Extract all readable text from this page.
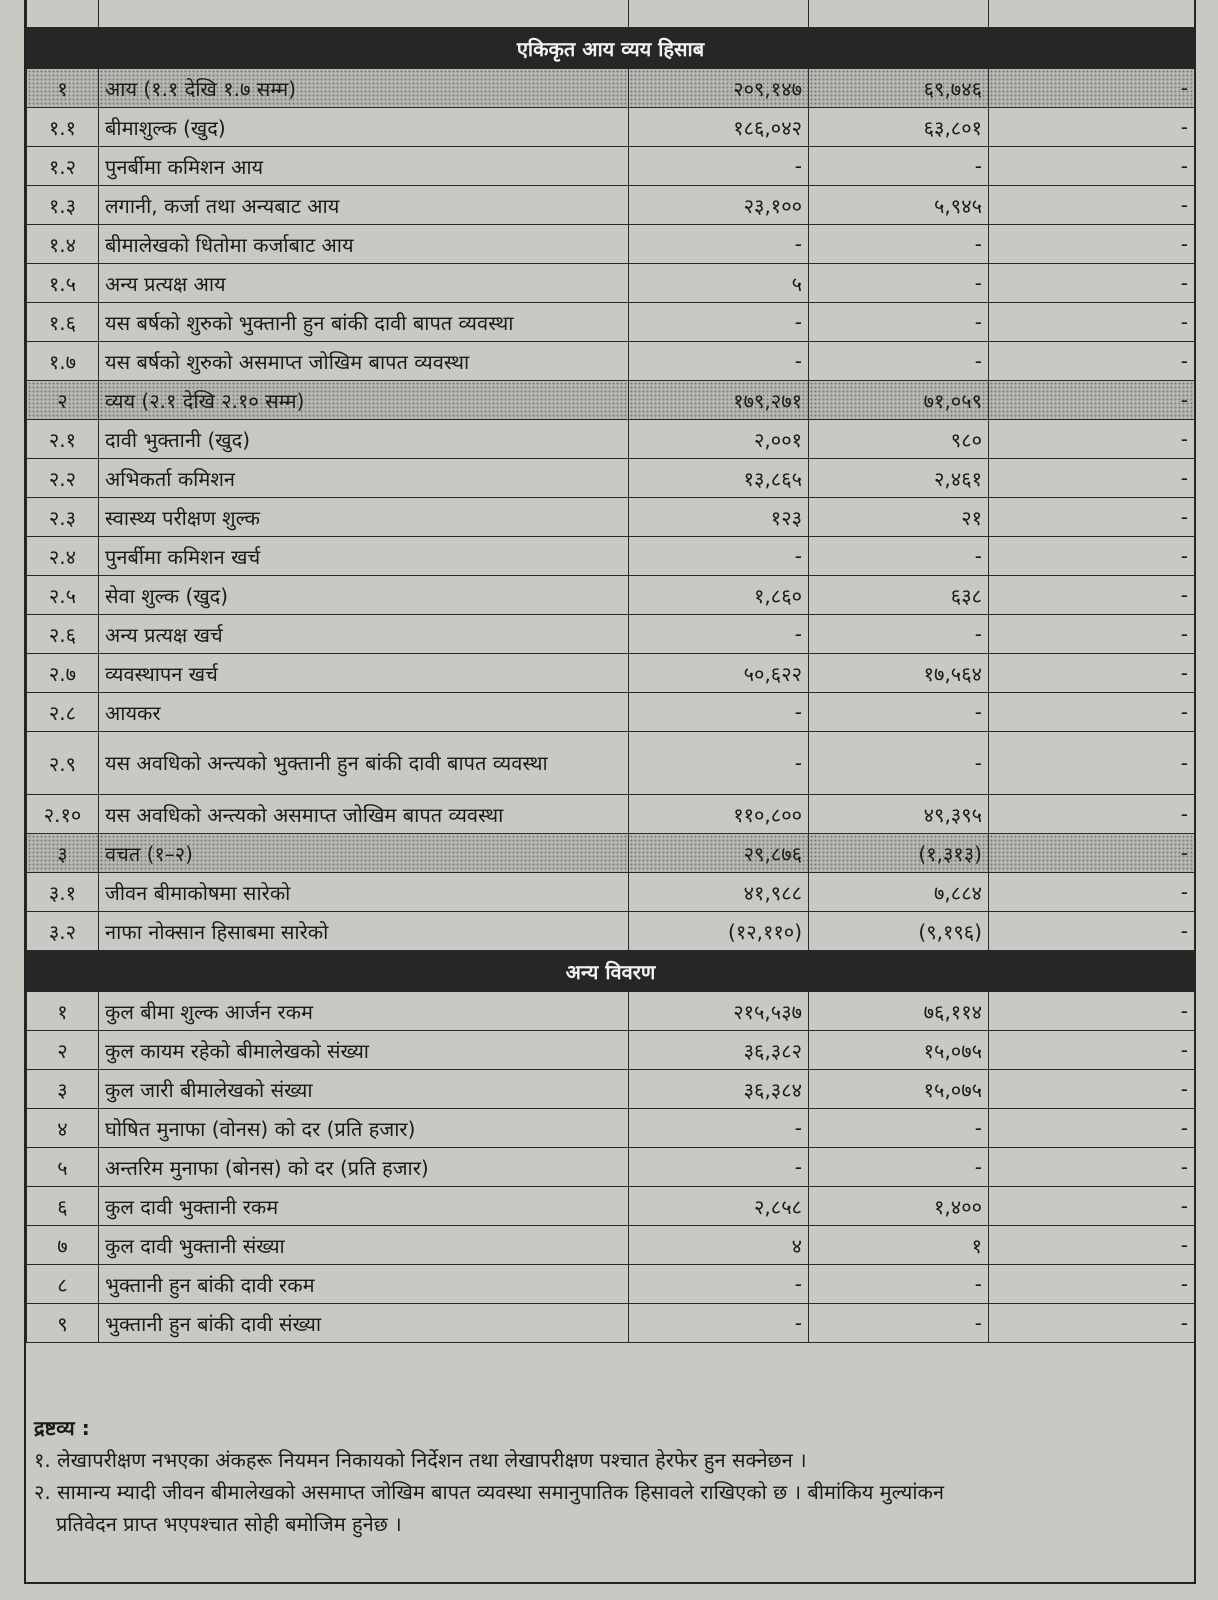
एकिकृत आय व्यय हिसाब				
१	आय (१.१ देखि १.७ सम्म)	२०९,१४७	६९,७४६	-
१.१	बीमाशुल्क (खुद)	१८६,०४२	६३,८०१	-
१.२	पुनर्बीमा कमिशन आय	-	-	-
१.३	लगानी, कर्जा तथा अन्यबाट आय	२३,१००	५,९४५	-
१.४	बीमालेखको धितोमा कर्जाबाट आय	-	-	-
१.५	अन्य प्रत्यक्ष आय	५	-	-
१.६	यस बर्षको शुरुको भुक्तानी हुन बांकी दावी बापत व्यवस्था	-	-	-
१.७	यस बर्षको शुरुको असमाप्त जोखिम बापत व्यवस्था	-	-	-
२	व्यय (२.१ देखि २.१० सम्म)	१७९,२७१	७१,०५९	-
२.१	दावी भुक्तानी (खुद)	२,००१	९८०	-
२.२	अभिकर्ता कमिशन	१३,८६५	२,४६१	-
२.३	स्वास्थ्य परीक्षण शुल्क	१२३	२१	-
२.४	पुनर्बीमा कमिशन खर्च	-	-	-
२.५	सेवा शुल्क (खुद)	१,८६०	६३८	-
२.६	अन्य प्रत्यक्ष खर्च	-	-	-
२.७	व्यवस्थापन खर्च	५०,६२२	१७,५६४	-
२.८	आयकर	-	-	-
२.९	यस अवधिको अन्त्यको भुक्तानी हुन बांकी दावी बापत व्यवस्था	-	-	-
२.१०	यस अवधिको अन्त्यको असमाप्त जोखिम बापत व्यवस्था	११०,८००	४९,३९५	-
३	वचत (१–२)	२९,८७६	(१,३१३)	-
३.१	जीवन बीमाकोषमा सारेको	४१,९८८	७,८८४	-
३.२	नाफा नोक्सान हिसाबमा सारेको	(१२,११०)	(९,१९६)	-
अन्य विवरण				
१	कुल बीमा शुल्क आर्जन रकम	२१५,५३७	७६,११४	-
२	कुल कायम रहेको बीमालेखको संख्या	३६,३८२	१५,०७५	-
३	कुल जारी बीमालेखको संख्या	३६,३८४	१५,०७५	-
४	घोषित मुनाफा (वोनस) को दर (प्रति हजार)	-	-	-
५	अन्तरिम मुनाफा (बोनस) को दर (प्रति हजार)	-	-	-
६	कुल दावी भुक्तानी रकम	२,८५८	१,४००	-
७	कुल दावी भुक्तानी संख्या	४	१	-
८	भुक्तानी हुन बांकी दावी रकम	-	-	-
९	भुक्तानी हुन बांकी दावी संख्या	-	-	-
द्रष्टव्य :

१. लेखापरीक्षण नभएका अंकहरू नियमन निकायको निर्देशन तथा लेखापरीक्षण पश्चात हेरफेर हुन सक्नेछन ।

२. सामान्य म्यादी जीवन बीमालेखको असमाप्त जोखिम बापत व्यवस्था समानुपातिक हिसावले राखिएको छ । बीमांकिय मुल्यांकन

प्रतिवेदन प्राप्त भएपश्चात सोही बमोजिम हुनेछ ।
